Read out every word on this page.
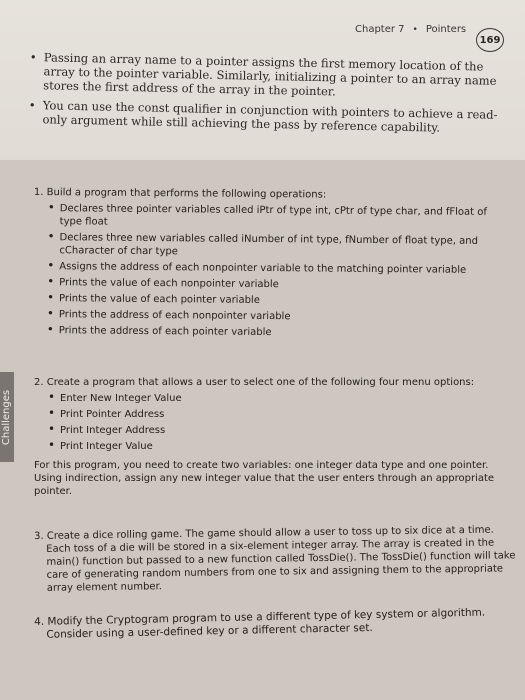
Chapter 7 • Pointers
169
• Passing an array name to a pointer assigns the first memory location of the array to the pointer variable. Similarly, initializing a pointer to an array name stores the first address of the array in the pointer.
• You can use the const qualifier in conjunction with pointers to achieve a read-only argument while still achieving the pass by reference capability.
Challenges
1. Build a program that performs the following operations:
• Declares three pointer variables called iPtr of type int, cPtr of type char, and fFloat of type float
• Declares three new variables called iNumber of int type, fNumber of float type, and cCharacter of char type
• Assigns the address of each nonpointer variable to the matching pointer variable
• Prints the value of each nonpointer variable
• Prints the value of each pointer variable
• Prints the address of each nonpointer variable
• Prints the address of each pointer variable
2. Create a program that allows a user to select one of the following four menu options:
• Enter New Integer Value
• Print Pointer Address
• Print Integer Address
• Print Integer Value

For this program, you need to create two variables: one integer data type and one pointer. Using indirection, assign any new integer value that the user enters through an appropriate pointer.

3. Create a dice rolling game. The game should allow a user to toss up to six dice at a time. Each toss of a die will be stored in a six-element integer array. The array is created in the main() function but passed to a new function called TossDie(). The TossDie() function will take care of generating random numbers from one to six and assigning them to the appropriate array element number.
4. Modify the Cryptogram program to use a different type of key system or algorithm. Consider using a user-defined key or a different character set.
